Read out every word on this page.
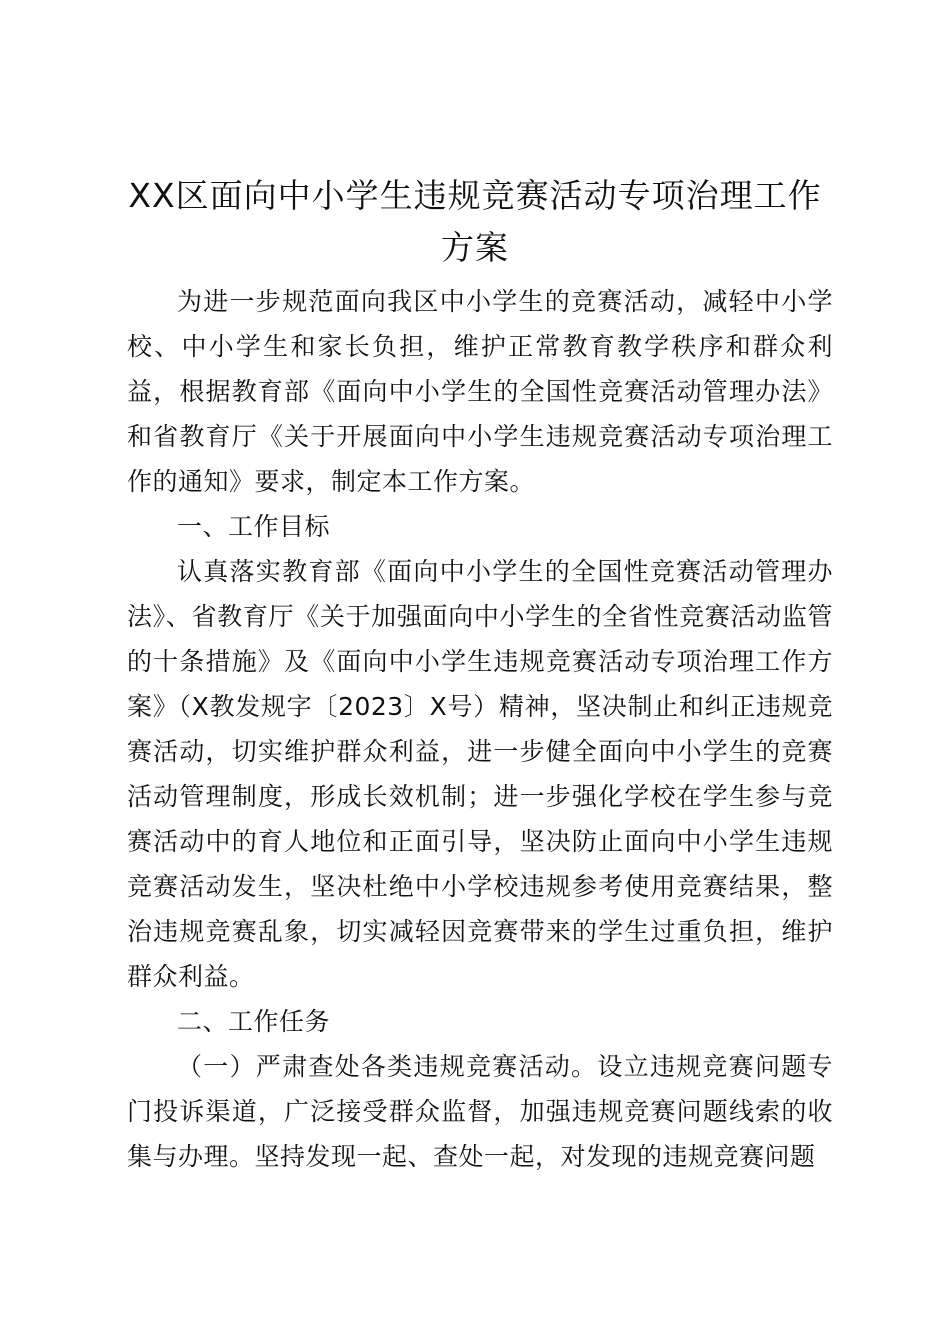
XX区面向中小学生违规竞赛活动专项治理工作方案

为进一步规范面向我区中小学生的竞赛活动，减轻中小学校、中小学生和家长负担，维护正常教育教学秩序和群众利益，根据教育部《面向中小学生的全国性竞赛活动管理办法》和省教育厅《关于开展面向中小学生违规竞赛活动专项治理工作的通知》要求，制定本工作方案。

一、工作目标

认真落实教育部《面向中小学生的全国性竞赛活动管理办法》、省教育厅《关于加强面向中小学生的全省性竞赛活动监管的十条措施》及《面向中小学生违规竞赛活动专项治理工作方案》（X教发规字〔2023〕X号）精神，坚决制止和纠正违规竞赛活动，切实维护群众利益，进一步健全面向中小学生的竞赛活动管理制度，形成长效机制；进一步强化学校在学生参与竞赛活动中的育人地位和正面引导，坚决防止面向中小学生违规竞赛活动发生，坚决杜绝中小学校违规参考使用竞赛结果，整治违规竞赛乱象，切实减轻因竞赛带来的学生过重负担，维护群众利益。

二、工作任务

（一）严肃查处各类违规竞赛活动。设立违规竞赛问题专门投诉渠道，广泛接受群众监督，加强违规竞赛问题线索的收集与办理。坚持发现一起、查处一起，对发现的违规竞赛问题
